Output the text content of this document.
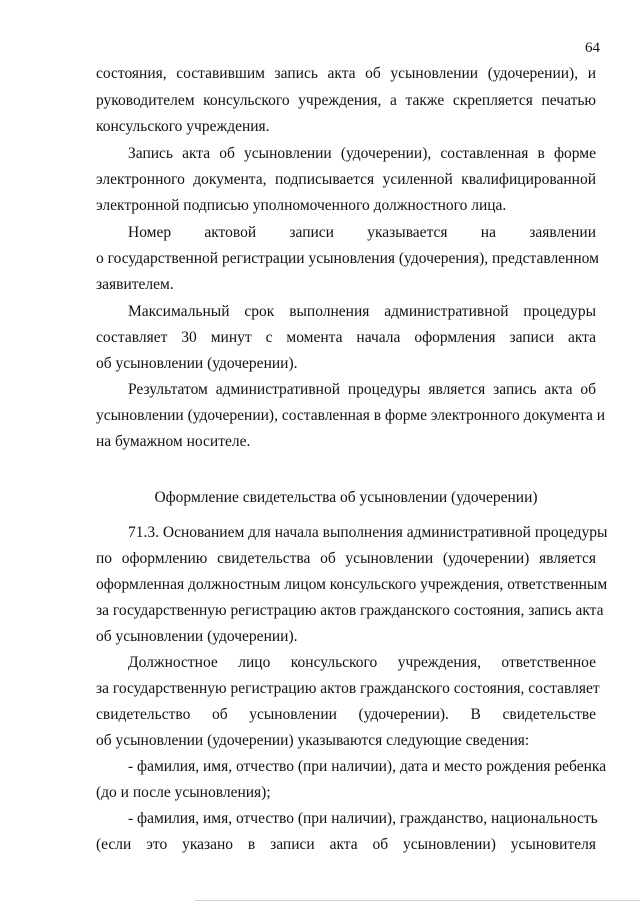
64
состояния, составившим запись акта об усыновлении (удочерении), и
руководителем консульского учреждения, а также скрепляется печатью
консульского учреждения.
Запись акта об усыновлении (удочерении), составленная в форме
электронного документа, подписывается усиленной квалифицированной
электронной подписью уполномоченного должностного лица.
Номер актовой записи указывается на заявлении
о государственной регистрации усыновления (удочерения), представленном
заявителем.
Максимальный срок выполнения административной процедуры
составляет 30 минут с момента начала оформления записи акта
об усыновлении (удочерении).
Результатом административной процедуры является запись акта об
усыновлении (удочерении), составленная в форме электронного документа и
на бумажном носителе.
Оформление свидетельства об усыновлении (удочерении)
71.3. Основанием для начала выполнения административной процедуры
по оформлению свидетельства об усыновлении (удочерении) является
оформленная должностным лицом консульского учреждения, ответственным
за государственную регистрацию актов гражданского состояния, запись акта
об усыновлении (удочерении).
Должностное лицо консульского учреждения, ответственное
за государственную регистрацию актов гражданского состояния, составляет
свидетельство об усыновлении (удочерении). В свидетельстве
об усыновлении (удочерении) указываются следующие сведения:
- фамилия, имя, отчество (при наличии), дата и место рождения ребенка
(до и после усыновления);
- фамилия, имя, отчество (при наличии), гражданство, национальность
(если это указано в записи акта об усыновлении) усыновителя
